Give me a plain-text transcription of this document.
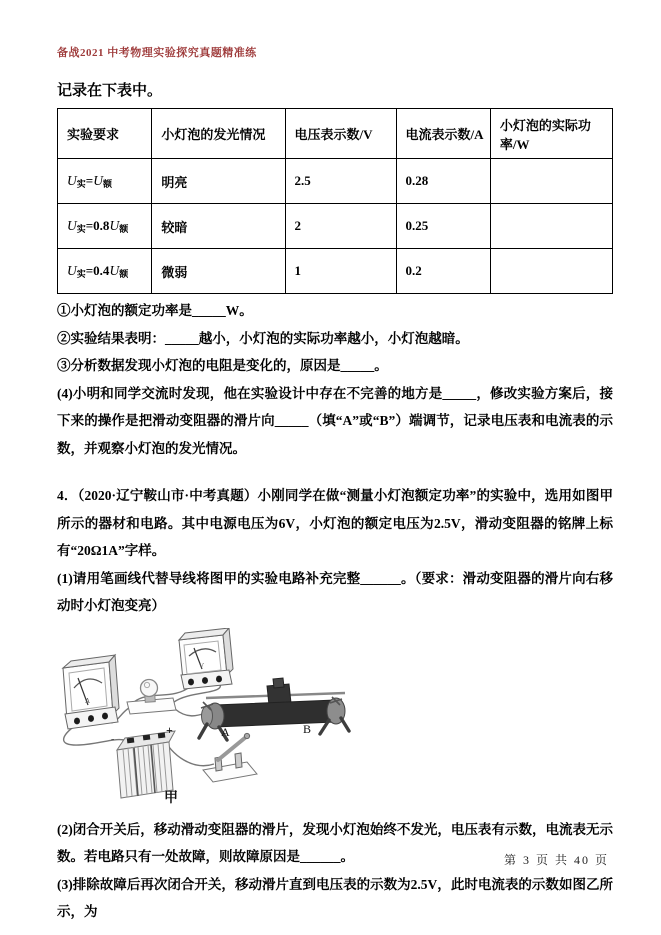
备战2021 中考物理实验探究真题精准练
记录在下表中。
实验要求	小灯泡的发光情况	电压表示数/V	电流表示数/A	小灯泡的实际功率/W
U实=U额	明亮	2.5	0.28	
U实=0.8U额	较暗	2	0.25	
U实=0.4U额	微弱	1	0.2	
①小灯泡的额定功率是_____W。
②实验结果表明：_____越小，小灯泡的实际功率越小，小灯泡越暗。
③分析数据发现小灯泡的电阻是变化的，原因是_____。
(4)小明和同学交流时发现，他在实验设计中存在不完善的地方是_____，修改实验方案后，接下来的操作是把滑动变阻器的滑片向_____（填“A”或“B”）端调节，记录电压表和电流表的示数，并观察小灯泡的发光情况。
4．（2020·辽宁鞍山市·中考真题）小刚同学在做“测量小灯泡额定功率”的实验中，选用如图甲所示的器材和电路。其中电源电压为6V，小灯泡的额定电压为2.5V，滑动变阻器的铭牌上标有“20Ω1A”字样。
(1)请用笔画线代替导线将图甲的实验电路补充完整______。（要求：滑动变阻器的滑片向右移动时小灯泡变亮）
A
V
A	B
+
-
甲
(2)闭合开关后，移动滑动变阻器的滑片，发现小灯泡始终不发光，电压表有示数，电流表无示数。若电路只有一处故障，则故障原因是______。
(3)排除故障后再次闭合开关，移动滑片直到电压表的示数为2.5V，此时电流表的示数如图乙所示，为
第 3 页 共 40 页
